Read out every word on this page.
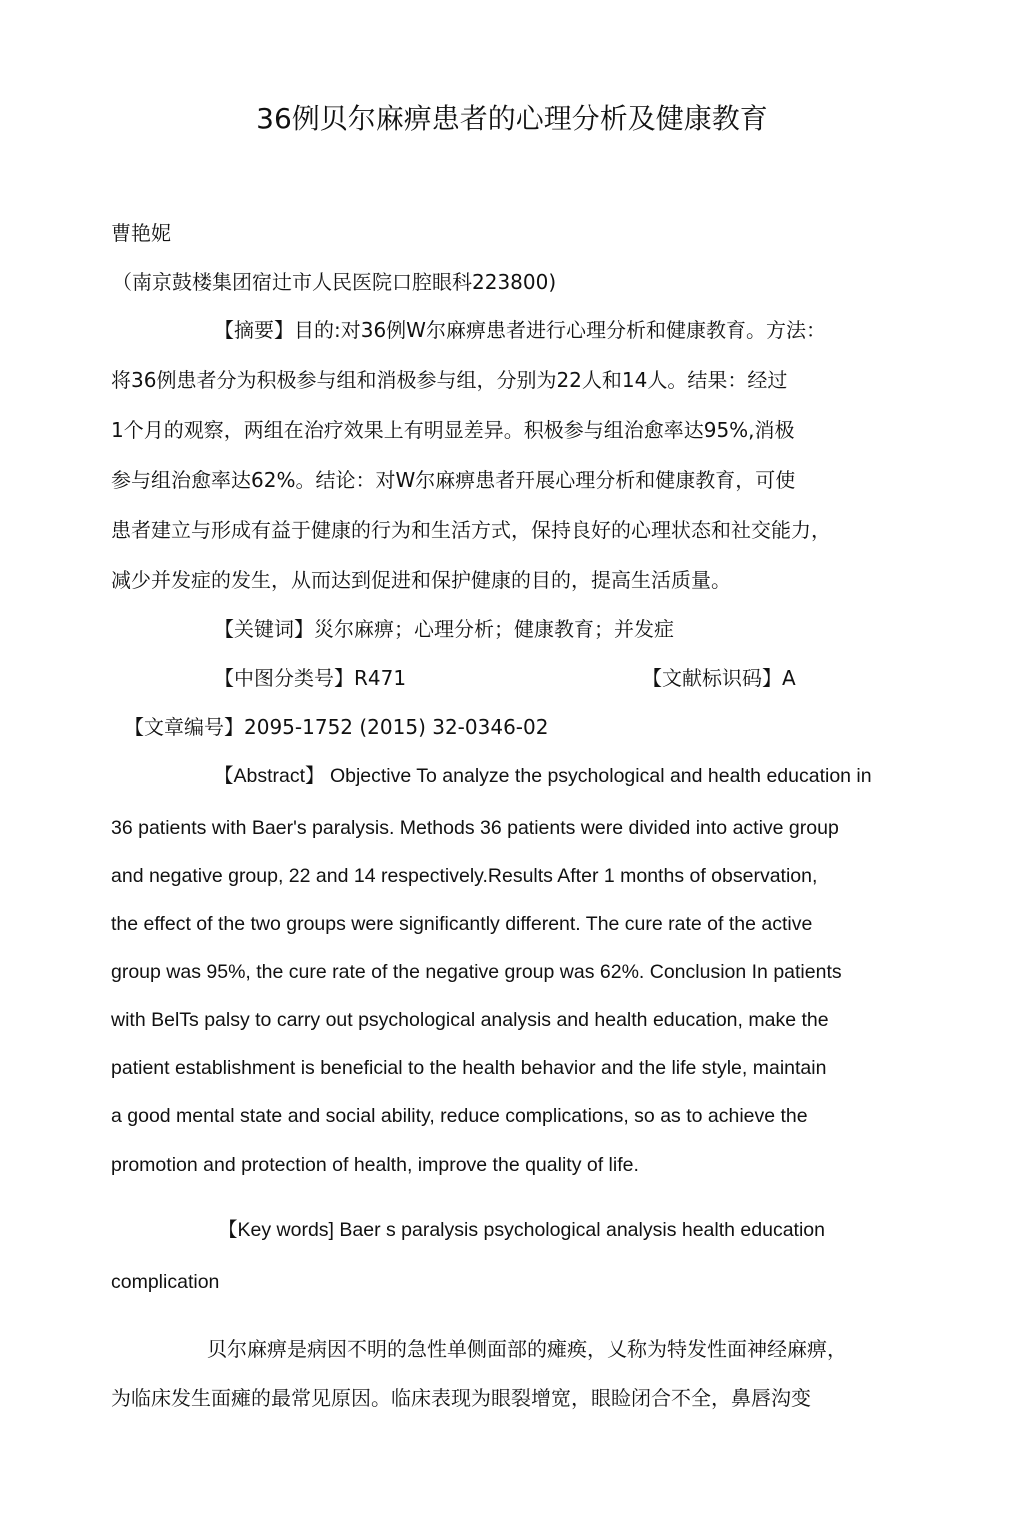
36例贝尔麻痹患者的心理分析及健康教育
曹艳妮
（南京鼓楼集团宿辻市人民医院口腔眼科223800)
【摘要】目的:对36例W尔麻痹患者进行心理分析和健康教育。方法：
将36例患者分为积极参与组和消极参与组，分别为22人和14人。结果：经过
1个月的观察，两组在治疗效果上有明显差异。积极参与组治愈率达95%,消极
参与组治愈率达62%。结论：对W尔麻痹患者幵展心理分析和健康教育，可使
患者建立与形成有益于健康的行为和生活方式，保持良好的心理状态和社交能力，
减少并发症的发生，从而达到促进和保护健康的目的，提高生活质量。
【关键词】災尔麻痹；心理分析；健康教育；并发症
【中图分类号】R471	【文献标识码】A
【文章编号】2095-1752 (2015) 32-0346-02
【Abstract】 Objective To analyze the psychological and health education in
36 patients with Baer's paralysis. Methods 36 patients were divided into active group
and negative group, 22 and 14 respectively.Results After 1 months of observation,
the effect of the two groups were significantly different. The cure rate of the active
group was 95%, the cure rate of the negative group was 62%. Conclusion In patients
with BelTs palsy to carry out psychological analysis and health education, make the
patient establishment is beneficial to the health behavior and the life style, maintain
a good mental state and social ability, reduce complications, so as to achieve the
promotion and protection of health, improve the quality of life.
【Key words] Baer s paralysis psychological analysis health education
complication
贝尔麻痹是病因不明的急性单侧面部的瘫痪，乂称为特发性面神经麻痹，
为临床发生面瘫的最常见原因。临床表现为眼裂增宽，眼睑闭合不全，鼻唇沟变
